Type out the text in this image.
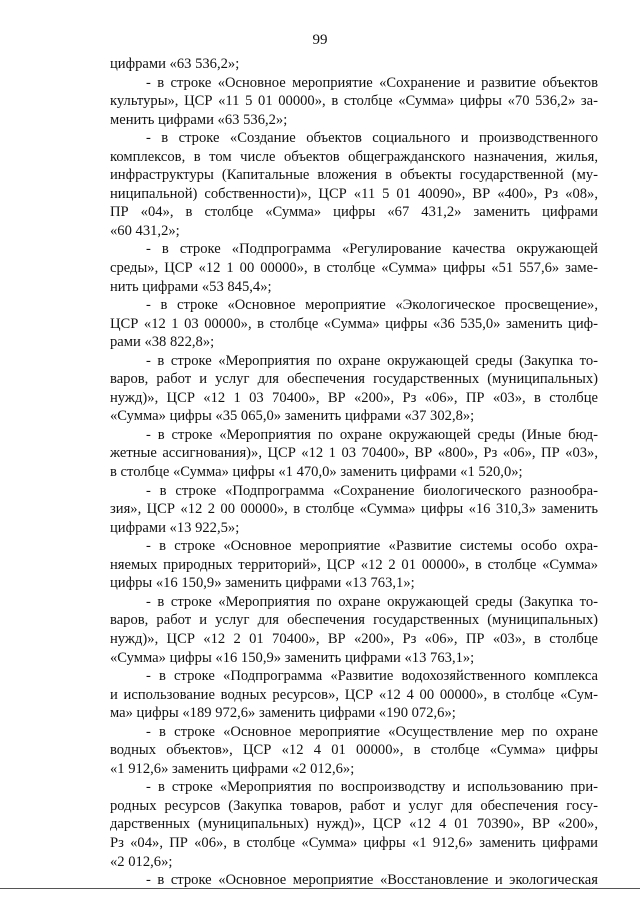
99
цифрами «63 536,2»;
- в строке «Основное мероприятие «Сохранение и развитие объектов
культуры», ЦСР «11 5 01 00000», в столбце «Сумма» цифры «70 536,2» за-
менить цифрами «63 536,2»;
- в строке «Создание объектов социального и производственного
комплексов, в том числе объектов общегражданского назначения, жилья,
инфраструктуры (Капитальные вложения в объекты государственной (му-
ниципальной) собственности)», ЦСР «11 5 01 40090», ВР «400», Рз «08»,
ПР «04», в столбце «Сумма» цифры «67 431,2» заменить цифрами
«60 431,2»;
- в строке «Подпрограмма «Регулирование качества окружающей
среды», ЦСР «12 1 00 00000», в столбце «Сумма» цифры «51 557,6» заме-
нить цифрами «53 845,4»;
- в строке «Основное мероприятие «Экологическое просвещение»,
ЦСР «12 1 03 00000», в столбце «Сумма» цифры «36 535,0» заменить циф-
рами «38 822,8»;
- в строке «Мероприятия по охране окружающей среды (Закупка то-
варов, работ и услуг для обеспечения государственных (муниципальных)
нужд)», ЦСР «12 1 03 70400», ВР «200», Рз «06», ПР «03», в столбце
«Сумма» цифры «35 065,0» заменить цифрами «37 302,8»;
- в строке «Мероприятия по охране окружающей среды (Иные бюд-
жетные ассигнования)», ЦСР «12 1 03 70400», ВР «800», Рз «06», ПР «03»,
в столбце «Сумма» цифры «1 470,0» заменить цифрами «1 520,0»;
- в строке «Подпрограмма «Сохранение биологического разнообра-
зия», ЦСР «12 2 00 00000», в столбце «Сумма» цифры «16 310,3» заменить
цифрами «13 922,5»;
- в строке «Основное мероприятие «Развитие системы особо охра-
няемых природных территорий», ЦСР «12 2 01 00000», в столбце «Сумма»
цифры «16 150,9» заменить цифрами «13 763,1»;
- в строке «Мероприятия по охране окружающей среды (Закупка то-
варов, работ и услуг для обеспечения государственных (муниципальных)
нужд)», ЦСР «12 2 01 70400», ВР «200», Рз «06», ПР «03», в столбце
«Сумма» цифры «16 150,9» заменить цифрами «13 763,1»;
- в строке «Подпрограмма «Развитие водохозяйственного комплекса
и использование водных ресурсов», ЦСР «12 4 00 00000», в столбце «Сум-
ма» цифры «189 972,6» заменить цифрами «190 072,6»;
- в строке «Основное мероприятие «Осуществление мер по охране
водных объектов», ЦСР «12 4 01 00000», в столбце «Сумма» цифры
«1 912,6» заменить цифрами «2 012,6»;
- в строке «Мероприятия по воспроизводству и использованию при-
родных ресурсов (Закупка товаров, работ и услуг для обеспечения госу-
дарственных (муниципальных) нужд)», ЦСР «12 4 01 70390», ВР «200»,
Рз «04», ПР «06», в столбце «Сумма» цифры «1 912,6» заменить цифрами
«2 012,6»;
- в строке «Основное мероприятие «Восстановление и экологическая
